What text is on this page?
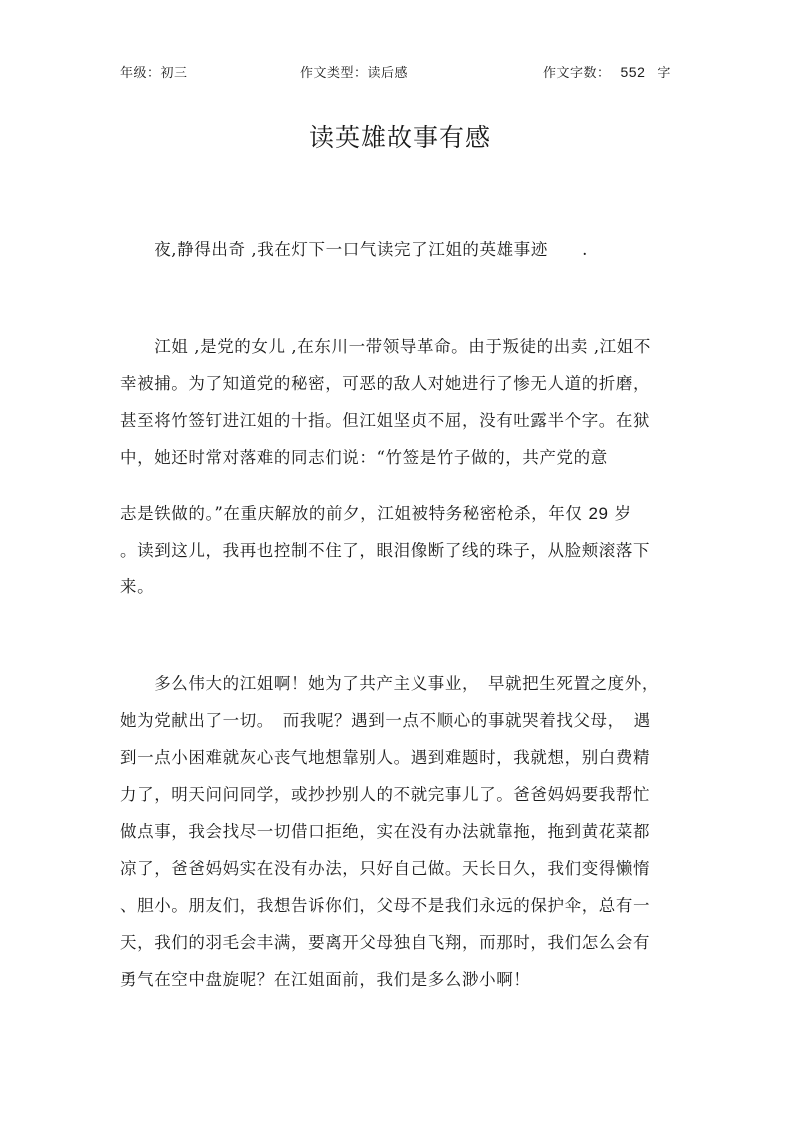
年级：初三	作文类型：读后感	作文字数： 552 字
读英雄故事有感
　　夜,静得出奇 ,我在灯下一口气读完了江姐的英雄事迹　　.
　　江姐 ,是党的女儿 ,在东川一带领导革命。由于叛徒的出卖 ,江姐不
幸被捕。为了知道党的秘密，可恶的敌人对她进行了惨无人道的折磨，
甚至将竹签钉进江姐的十指。但江姐坚贞不屈，没有吐露半个字。在狱
中，她还时常对落难的同志们说：“竹签是竹子做的，共产党的意
志是铁做的。”在重庆解放的前夕，江姐被特务秘密枪杀，年仅 29 岁
。读到这儿，我再也控制不住了，眼泪像断了线的珠子，从脸颊滚落下
来。
　　多么伟大的江姐啊！她为了共产主义事业，　早就把生死置之度外，
她为党献出了一切。　而我呢？遇到一点不顺心的事就哭着找父母，　遇
到一点小困难就灰心丧气地想靠别人。遇到难题时，我就想，别白费精
力了，明天问问同学，或抄抄别人的不就完事儿了。爸爸妈妈要我帮忙
做点事，我会找尽一切借口拒绝，实在没有办法就靠拖，拖到黄花菜都
凉了，爸爸妈妈实在没有办法，只好自己做。天长日久，我们变得懒惰
、胆小。朋友们，我想告诉你们，父母不是我们永远的保护伞，总有一
天，我们的羽毛会丰满，要离开父母独自飞翔，而那时，我们怎么会有
勇气在空中盘旋呢？在江姐面前，我们是多么渺小啊！
